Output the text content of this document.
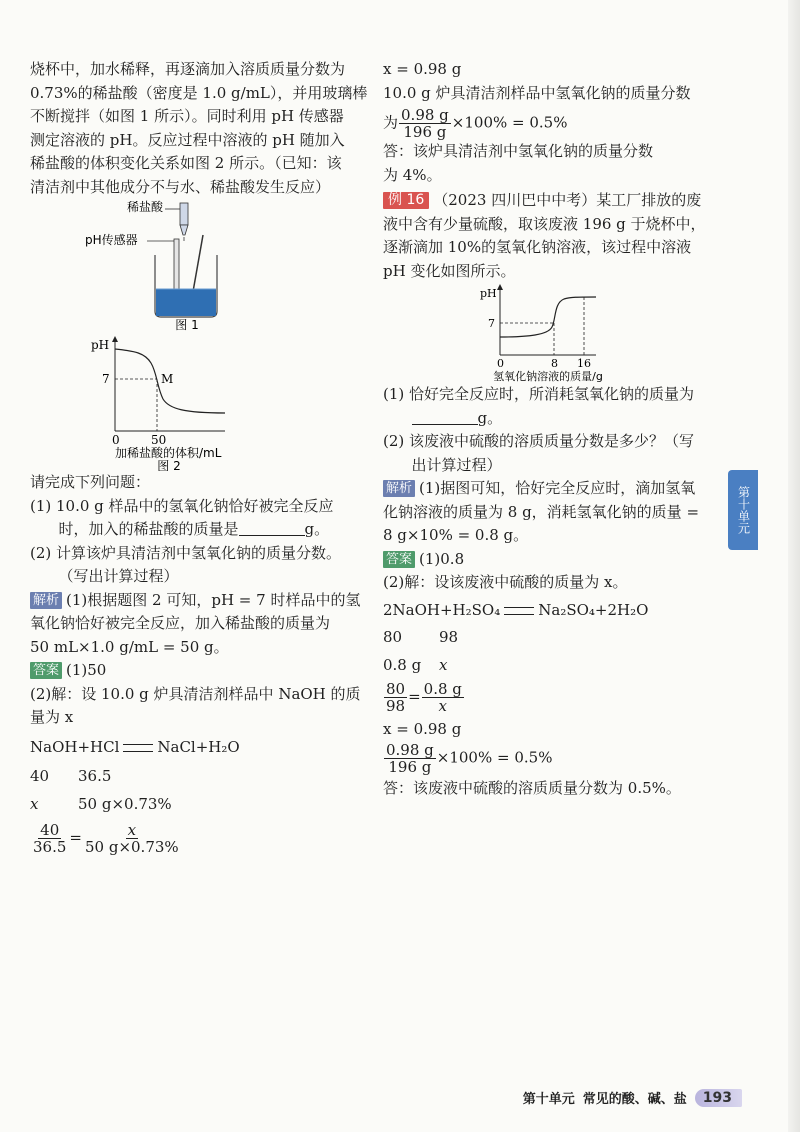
烧杯中，加水稀释，再逐滴加入溶质质量分数为
0.73%的稀盐酸（密度是 1.0 g/mL），并用玻璃棒
不断搅拌（如图 1 所示）。同时利用 pH 传感器
测定溶液的 pH。反应过程中溶液的 pH 随加入
稀盐酸的体积变化关系如图 2 所示。（已知：该
清洁剂中其他成分不与水、稀盐酸发生反应）
稀盐酸
pH传感器
图 1
pH
7	M
0	50
加稀盐酸的体积/mL
图 2
请完成下列问题：
(1) 10.0 g 样品中的氢氧化钠恰好被完全反应
时，加入的稀盐酸的质量是	g。
(2) 计算该炉具清洁剂中氢氧化钠的质量分数。
（写出计算过程）
解析 (1)根据题图 2 可知，pH = 7 时样品中的氢
氧化钠恰好被完全反应，加入稀盐酸的质量为
50 mL×1.0 g/mL = 50 g。
答案 (1)50
(2)解：设 10.0 g 炉具清洁剂样品中 NaOH 的质
量为 x
NaOH+HCl	NaCl+H₂O
40	36.5
x	50 g×0.73%
$\frac{40}{36.5} = \frac{x}{50 g\times 0.73\%}$
x = 0.98 g
10.0 g 炉具清洁剂样品中氢氧化钠的质量分数
为 $\frac{0.98 g}{196 g} \times 100\% = 0.5\%$
答：该炉具清洁剂中氢氧化钠的质量分数
为 4%。
例 16 （2023 四川巴中中考）某工厂排放的废
液中含有少量硫酸，取该废液 196 g 于烧杯中，
逐渐滴加 10%的氢氧化钠溶液，该过程中溶液
pH 变化如图所示。
pH
7
0	8 16
氢氧化钠溶液的质量/g
(1) 恰好完全反应时，所消耗氢氧化钠的质量为
g。
(2) 该废液中硫酸的溶质质量分数是多少？（写
出计算过程）
解析 (1)据图可知，恰好完全反应时，滴加氢氧
化钠溶液的质量为 8 g，消耗氢氧化钠的质量 =
8 g×10% = 0.8 g。
答案 (1)0.8
(2)解：设该废液中硫酸的质量为 x。
2NaOH+H₂SO₄	Na₂SO₄+2H₂O
80	98
0.8 g	x
$\frac{80}{98} = \frac{0.8 g}{x}$
x = 0.98 g
$\frac{0.98 g}{196 g} \times 100\% = 0.5\%$
答：该废液中硫酸的溶质质量分数为 0.5%。
第十单元
第十单元 常见的酸、碱、盐	193
